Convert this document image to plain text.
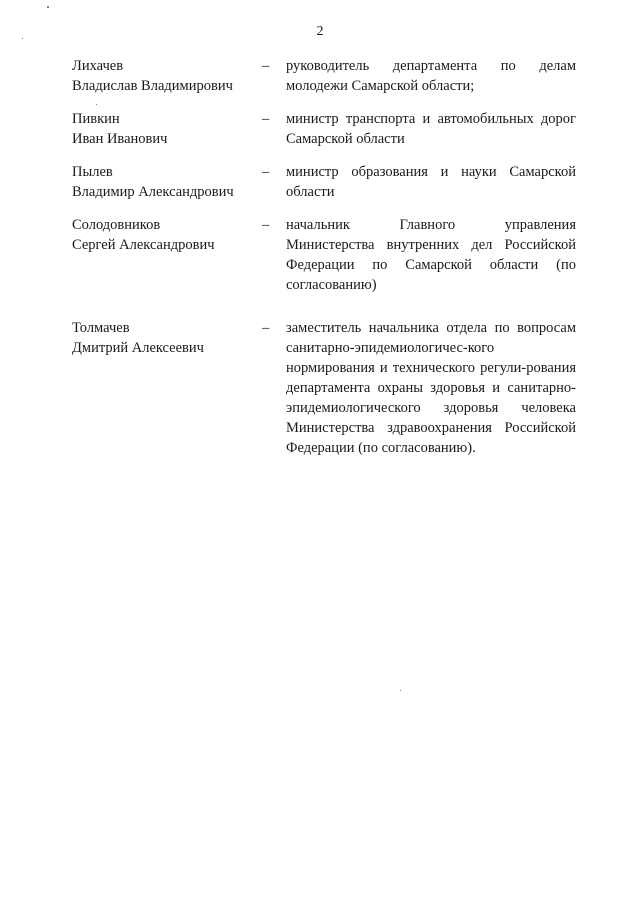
2
Лихачев
Владислав Владимирович
–	руководитель департамента по делам молодежи Самарской области;
Пивкин
Иван Иванович
–	министр транспорта и автомобильных дорог Самарской области
Пылев
Владимир Александрович
–	министр образования и науки Самарской области
Солодовников
Сергей Александрович
–	начальник Главного управления Министерства внутренних дел Российской Федерации по Самарской области (по согласованию)
Толмачев
Дмитрий Алексеевич
–	заместитель начальника отдела по вопросам санитарно-эпидемиологичес-кого нормирования и технического регули-рования департамента охраны здоровья и санитарно-эпидемиологического здоровья человека Министерства здравоохранения Российской Федерации (по согласованию).
